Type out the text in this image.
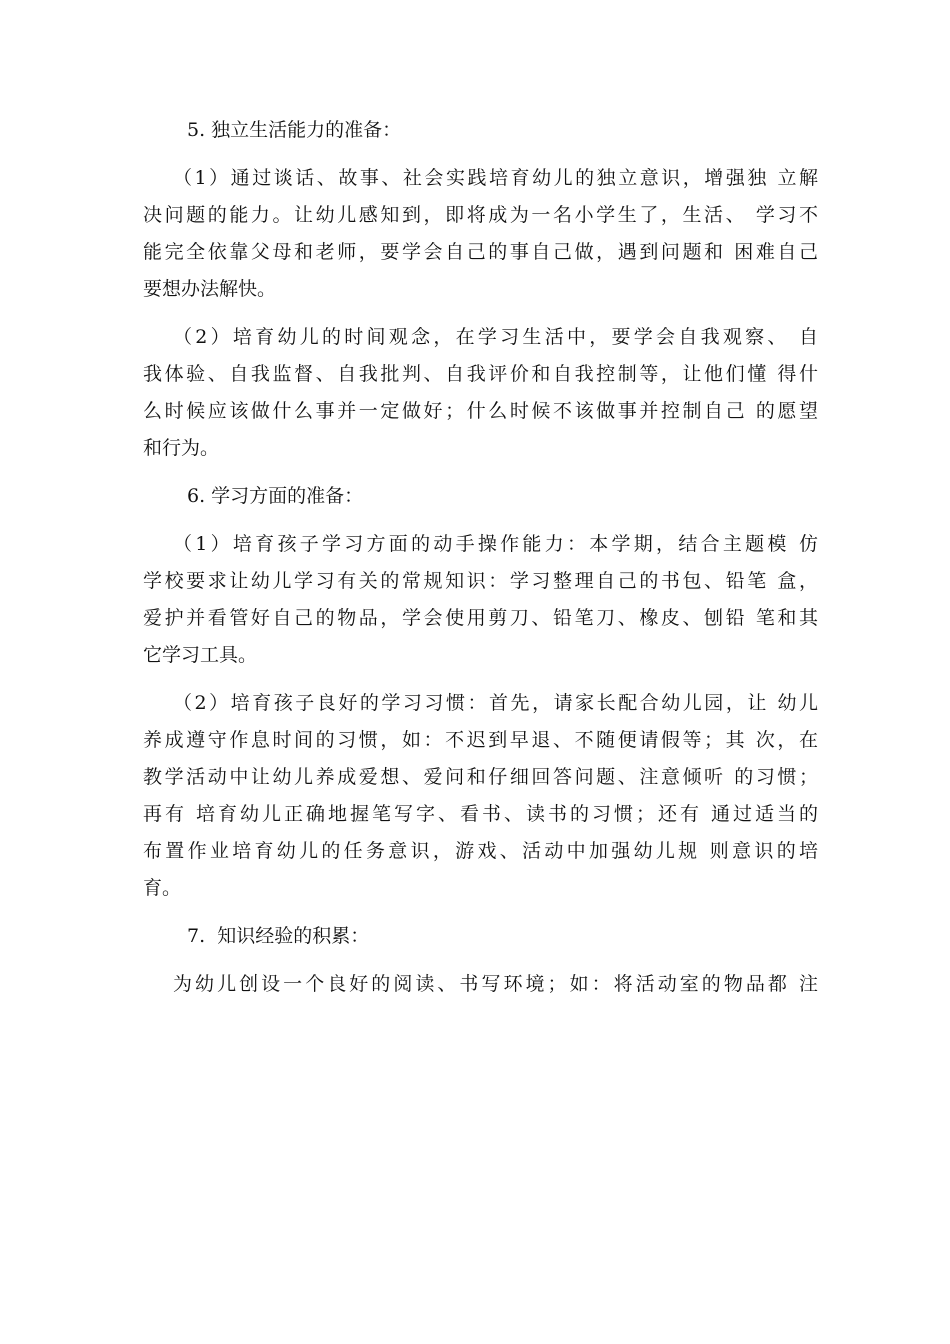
5. 独立生活能力的准备：
（1）通过谈话、故事、社会实践培育幼儿的独立意识，增强独 立解
决问题的能力。让幼儿感知到，即将成为一名小学生了，生活、 学习不
能完全依靠父母和老师，要学会自己的事自己做，遇到问题和 困难自己
要想办法解快。
（2）培育幼儿的时间观念，在学习生活中，要学会自我观察、 自
我体验、自我监督、自我批判、自我评价和自我控制等，让他们懂 得什
么时候应该做什么事并一定做好；什么时候不该做事并控制自己 的愿望
和行为。
6. 学习方面的准备：
（1）培育孩子学习方面的动手操作能力：本学期，结合主题模 仿
学校要求让幼儿学习有关的常规知识：学习整理自己的书包、铅笔 盒，
爱护并看管好自己的物品，学会使用剪刀、铅笔刀、橡皮、刨铅 笔和其
它学习工具。
（2）培育孩子良好的学习习惯：首先，请家长配合幼儿园，让 幼儿
养成遵守作息时间的习惯，如：不迟到早退、不随便请假等；其 次，在
教学活动中让幼儿养成爱想、爱问和仔细回答问题、注意倾听 的习惯；
再有 培育幼儿正确地握笔写字、看书、读书的习惯；还有 通过适当的
布置作业培育幼儿的任务意识，游戏、活动中加强幼儿规 则意识的培
育。
7.  知识经验的积累：
为幼儿创设一个良好的阅读、书写环境；如：将活动室的物品都 注
